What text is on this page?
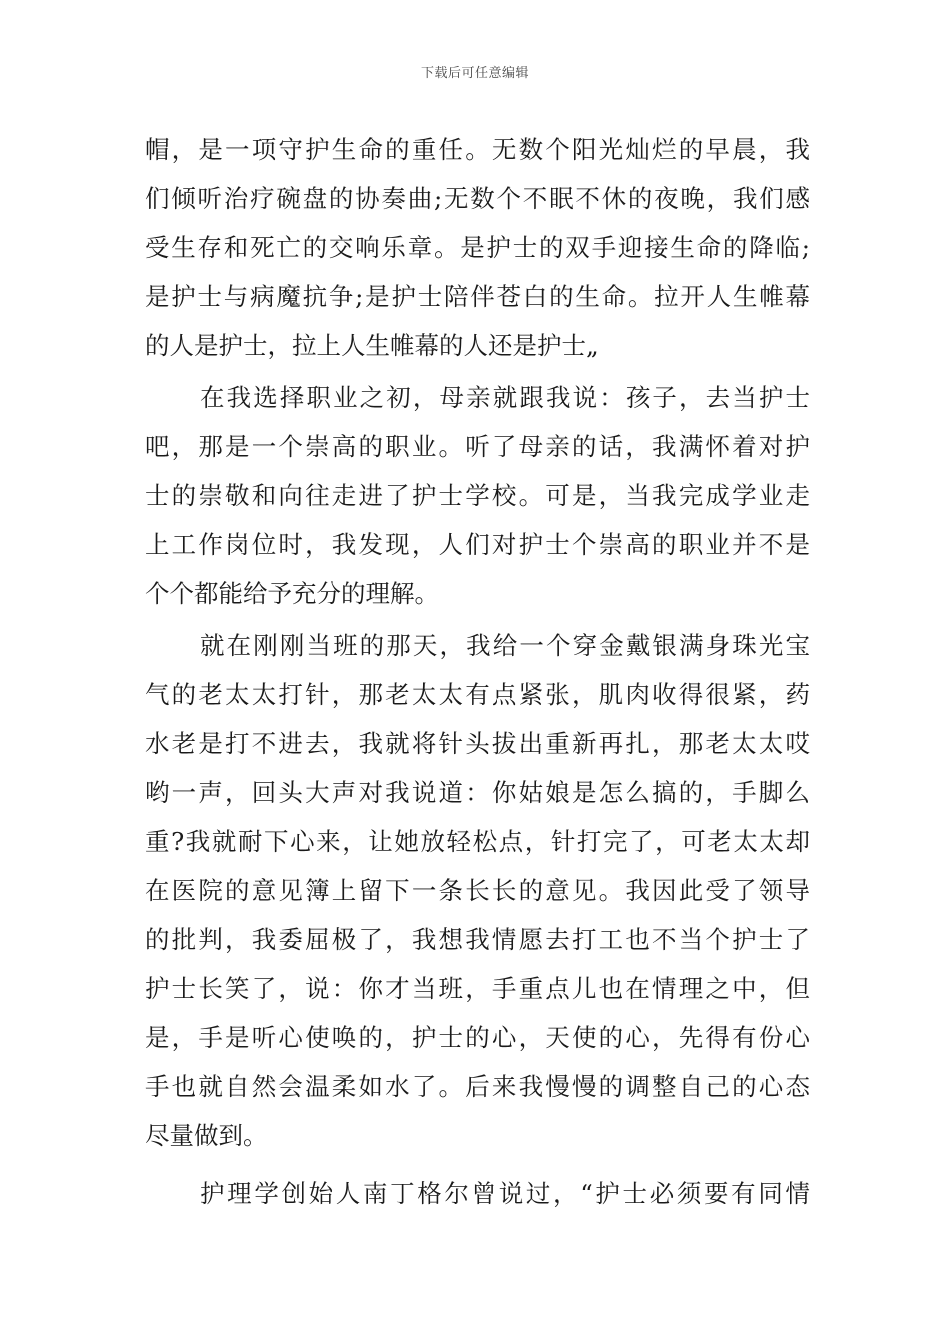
下载后可任意编辑
帽，是一项守护生命的重任。无数个阳光灿烂的早晨，我
们倾听治疗碗盘的协奏曲;无数个不眠不休的夜晚，我们感
受生存和死亡的交响乐章。是护士的双手迎接生命的降临;
是护士与病魔抗争;是护士陪伴苍白的生命。拉开人生帷幕
的人是护士，拉上人生帷幕的人还是护士„
在我选择职业之初，母亲就跟我说：孩子，去当护士
吧，那是一个崇高的职业。听了母亲的话，我满怀着对护
士的崇敬和向往走进了护士学校。可是，当我完成学业走
上工作岗位时，我发现，人们对护士个崇高的职业并不是
个个都能给予充分的理解。
就在刚刚当班的那天，我给一个穿金戴银满身珠光宝
气的老太太打针，那老太太有点紧张，肌肉收得很紧，药
水老是打不进去，我就将针头拔出重新再扎，那老太太哎
哟一声，回头大声对我说道：你姑娘是怎么搞的，手脚么
重?我就耐下心来，让她放轻松点，针打完了，可老太太却
在医院的意见簿上留下一条长长的意见。我因此受了领导
的批判，我委屈极了，我想我情愿去打工也不当个护士了
护士长笑了，说：你才当班，手重点儿也在情理之中，但
是，手是听心使唤的，护士的心，天使的心，先得有份心
手也就自然会温柔如水了。后来我慢慢的调整自己的心态
尽量做到。
护理学创始人南丁格尔曾说过，“护士必须要有同情
